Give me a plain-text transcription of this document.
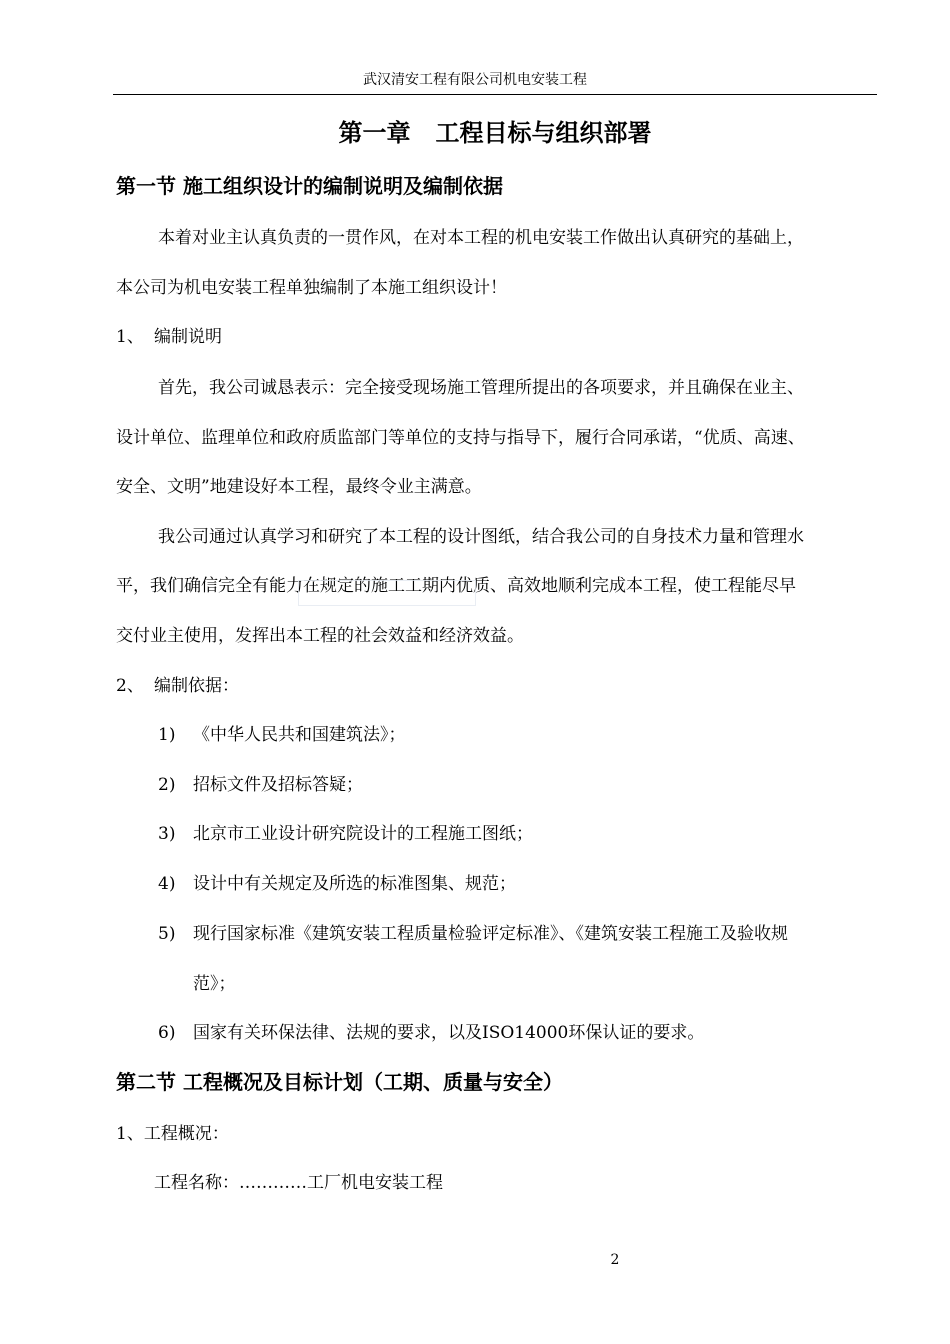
武汉清安工程有限公司机电安装工程
第一章   工程目标与组织部署
第一节 施工组织设计的编制说明及编制依据
本着对业主认真负责的一贯作风，在对本工程的机电安装工作做出认真研究的基础上，
本公司为机电安装工程单独编制了本施工组织设计！
1、 编制说明
首先，我公司诚恳表示：完全接受现场施工管理所提出的各项要求，并且确保在业主、
设计单位、监理单位和政府质监部门等单位的支持与指导下，履行合同承诺，“优质、高速、
安全、文明”地建设好本工程，最终令业主满意。
我公司通过认真学习和研究了本工程的设计图纸，结合我公司的自身技术力量和管理水
平，我们确信完全有能力在规定的施工工期内优质、高效地顺利完成本工程，使工程能尽早
交付业主使用，发挥出本工程的社会效益和经济效益。
2、 编制依据：
1) 《中华人民共和国建筑法》；
2) 招标文件及招标答疑；
3) 北京市工业设计研究院设计的工程施工图纸；
4) 设计中有关规定及所选的标准图集、规范；
5) 现行国家标准《建筑安装工程质量检验评定标准》、《建筑安装工程施工及验收规
范》；
6) 国家有关环保法律、法规的要求，以及ISO14000环保认证的要求。
第二节 工程概况及目标计划（工期、质量与安全）
1、工程概况：
工程名称：…………工厂机电安装工程
2
